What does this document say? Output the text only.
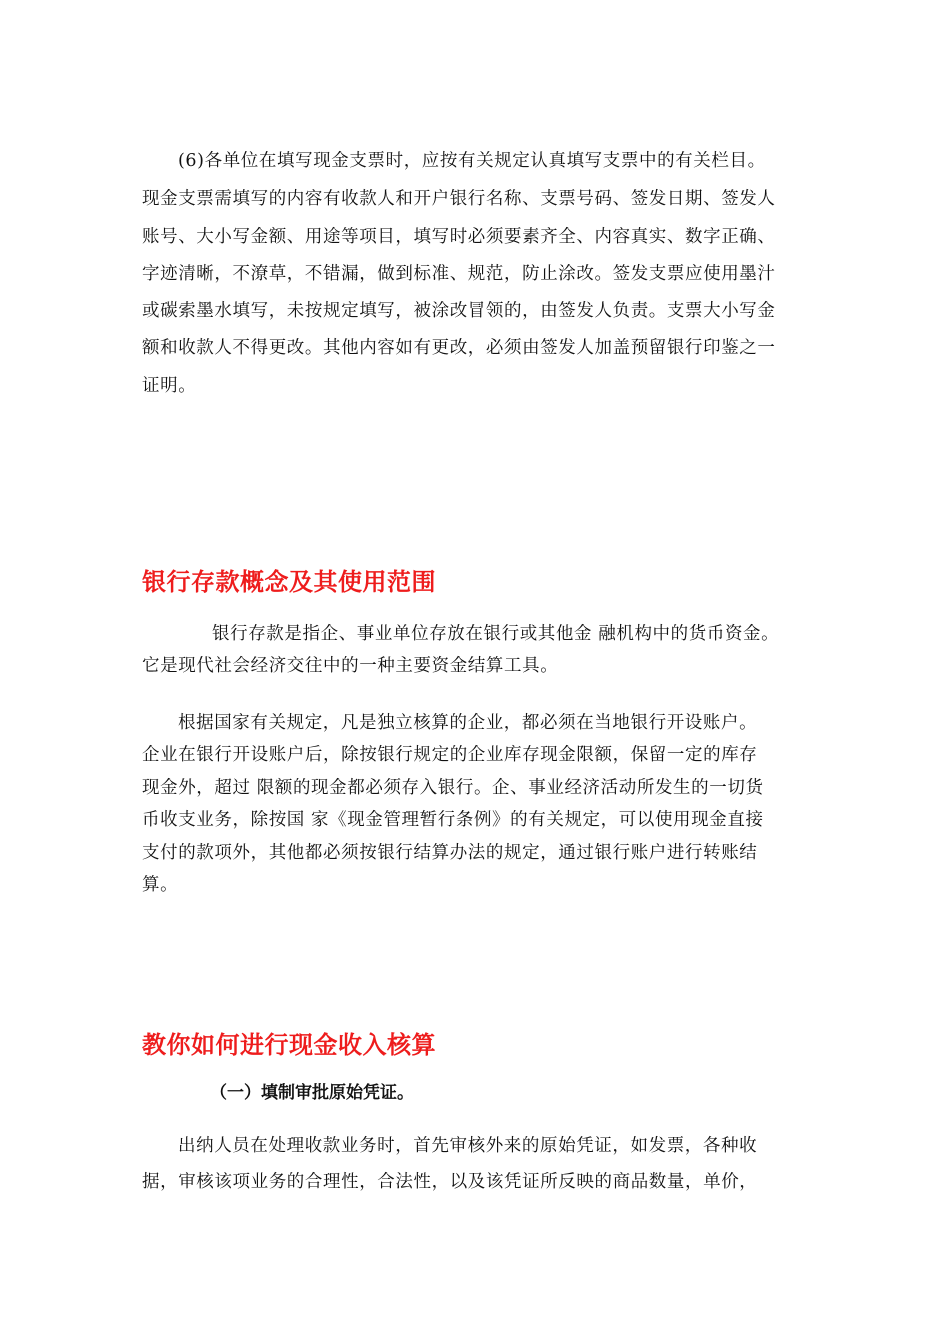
(6)各单位在填写现金支票时，应按有关规定认真填写支票中的有关栏目。
现金支票需填写的内容有收款人和开户银行名称、支票号码、签发日期、签发人
账号、大小写金额、用途等项目，填写时必须要素齐全、内容真实、数字正确、
字迹清晰，不潦草，不错漏，做到标准、规范，防止涂改。签发支票应使用墨汁
或碳索墨水填写，未按规定填写，被涂改冒领的，由签发人负责。支票大小写金
额和收款人不得更改。其他内容如有更改，必须由签发人加盖预留银行印鉴之一
证明。
银行存款概念及其使用范围
银行存款是指企、事业单位存放在银行或其他金 融机构中的货币资金。
它是现代社会经济交往中的一种主要资金结算工具。
根据国家有关规定，凡是独立核算的企业，都必须在当地银行开设账户。
企业在银行开设账户后，除按银行规定的企业库存现金限额，保留一定的库存
现金外，超过 限额的现金都必须存入银行。企、事业经济活动所发生的一切货
币收支业务，除按国 家《现金管理暂行条例》的有关规定，可以使用现金直接
支付的款项外，其他都必须按银行结算办法的规定，通过银行账户进行转账结
算。
教你如何进行现金收入核算
（一）填制审批原始凭证。
出纳人员在处理收款业务时，首先审核外来的原始凭证，如发票，各种收
据，审核该项业务的合理性，合法性，以及该凭证所反映的商品数量，单价，
